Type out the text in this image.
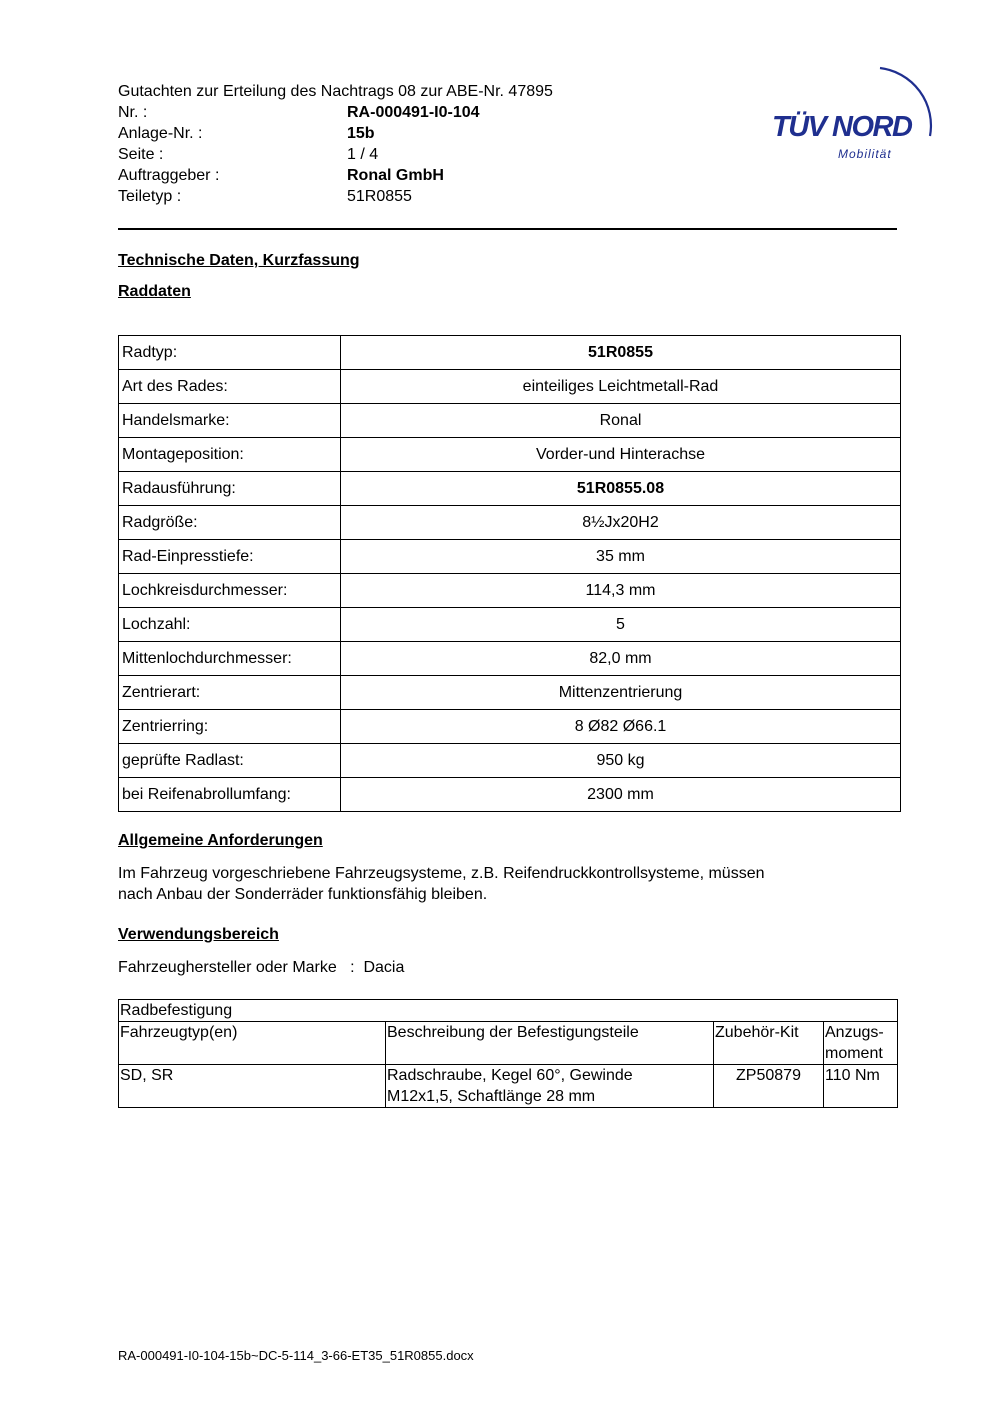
Gutachten zur Erteilung des Nachtrags 08 zur ABE-Nr. 47895
Nr. :	RA-000491-I0-104
Anlage-Nr. :	15b
Seite :	1 / 4
Auftraggeber :	Ronal GmbH
Teiletyp :	51R0855
TÜV NORD
Mobilität
Technische Daten, Kurzfassung
Raddaten
Radtyp:	51R0855
Art des Rades:	einteiliges Leichtmetall-Rad
Handelsmarke:	Ronal
Montageposition:	Vorder-und Hinterachse
Radausführung:	51R0855.08
Radgröße:	8½Jx20H2
Rad-Einpresstiefe:	35 mm
Lochkreisdurchmesser:	114,3 mm
Lochzahl:	5
Mittenlochdurchmesser:	82,0 mm
Zentrierart:	Mittenzentrierung
Zentrierring:	8 Ø82 Ø66.1
geprüfte Radlast:	950 kg
bei Reifenabrollumfang:	2300 mm
Allgemeine Anforderungen
Im Fahrzeug vorgeschriebene Fahrzeugsysteme, z.B. Reifendruckkontrollsysteme, müssen
nach Anbau der Sonderräder funktionsfähig bleiben.
Verwendungsbereich
Fahrzeughersteller oder Marke   :  Dacia
Radbefestigung			
Fahrzeugtyp(en)	Beschreibung der Befestigungsteile	Zubehör-Kit	Anzugs-
moment

SD, SR	Radschraube, Kegel 60°, Gewinde
M12x1,5, Schaftlänge 28 mm	ZP50879	110 Nm
RA-000491-I0-104-15b~DC-5-114_3-66-ET35_51R0855.docx
